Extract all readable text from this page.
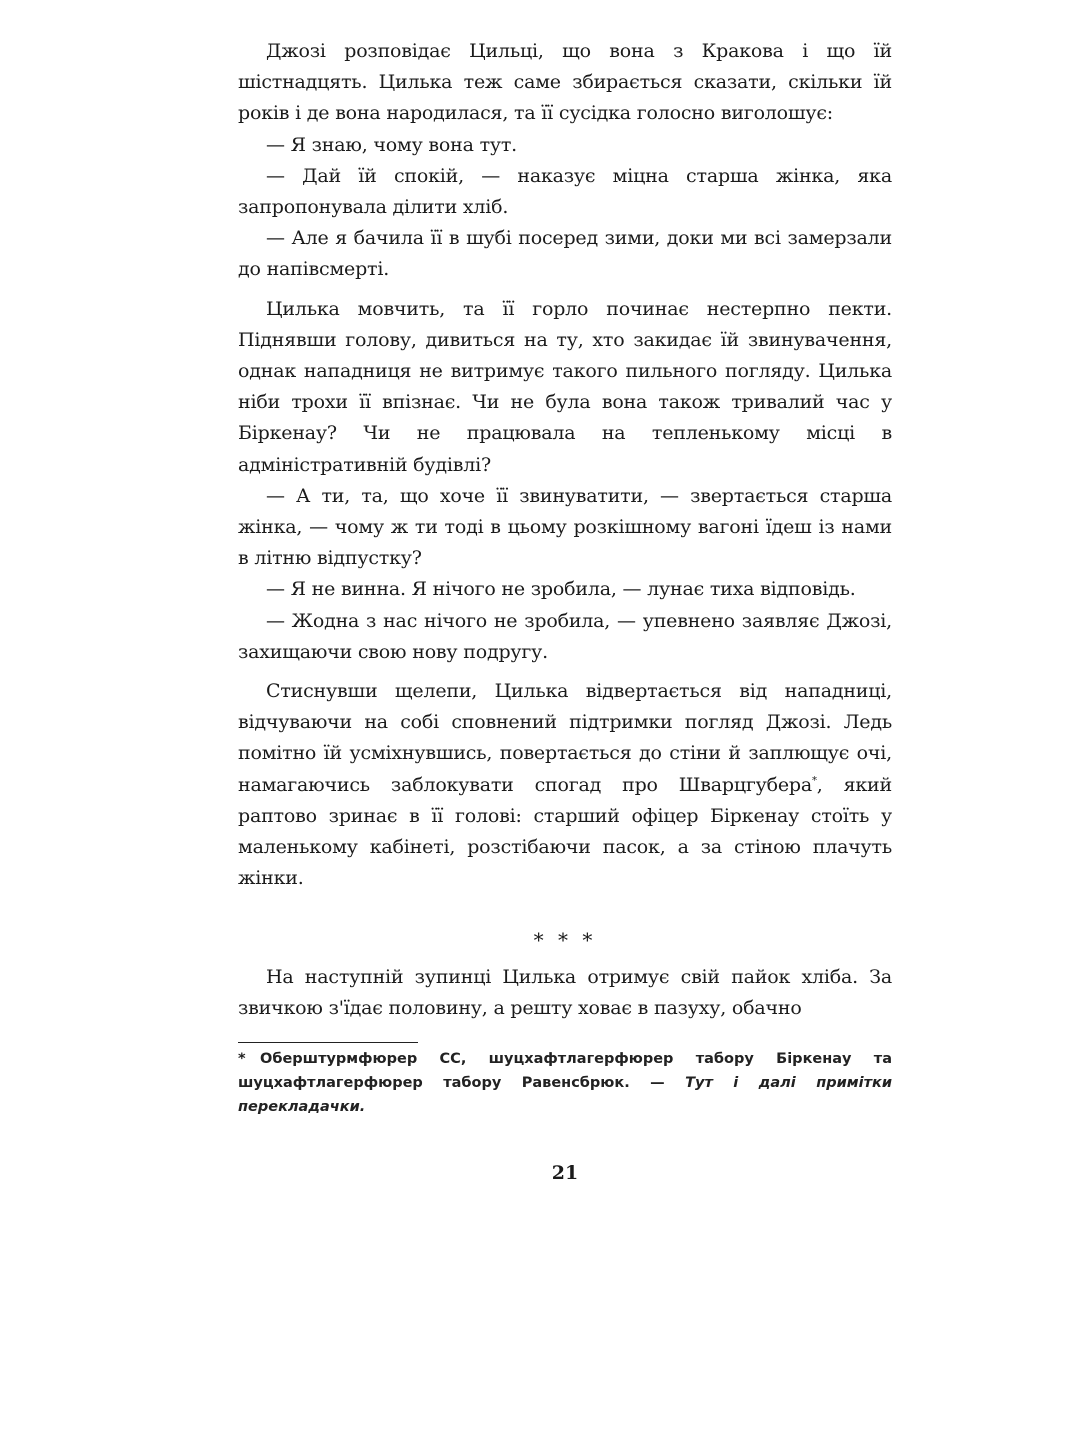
Джозі розповідає Цильці, що вона з Кракова і що їй шістнадцять. Цилька теж саме збирається сказати, скільки їй років і де вона народилася, та її сусідка голосно виголошує:

— Я знаю, чому вона тут.

— Дай їй спокій, — наказує міцна старша жінка, яка запропонувала ділити хліб.

— Але я бачила її в шубі посеред зими, доки ми всі замерзали до напівсмерті.

Цилька мовчить, та її горло починає нестерпно пекти. Піднявши голову, дивиться на ту, хто закидає їй звинувачення, однак нападниця не витримує такого пильного погляду. Цилька ніби трохи її впізнає. Чи не була вона також тривалий час у Біркенау? Чи не працювала на тепленькому місці в адміністративній будівлі?

— А ти, та, що хоче її звинуватити, — звертається старша жінка, — чому ж ти тоді в цьому розкішному вагоні їдеш із нами в літню відпустку?

— Я не винна. Я нічого не зробила, — лунає тиха відповідь.

— Жодна з нас нічого не зробила, — упевнено заявляє Джозі, захищаючи свою нову подругу.

Стиснувши щелепи, Цилька відвертається від нападниці, відчуваючи на собі сповнений підтримки погляд Джозі. Ледь помітно їй усміхнувшись, повертається до стіни й заплющує очі, намагаючись заблокувати спогад про Шварцгубера*, який раптово зринає в її голові: старший офіцер Біркенау стоїть у маленькому кабінеті, розстібаючи пасок, а за стіною плачуть жінки.

* * *

На наступній зупинці Цилька отримує свій пайок хліба. За звичкою з'їдає половину, а решту ховає в пазуху, обачно

* Оберштурмфюрер СС, шуцхафтлагерфюрер табору Біркенау та шуцхафтлагерфюрер табору Равенсбрюк. — Тут і далі примітки перекладачки.
21
